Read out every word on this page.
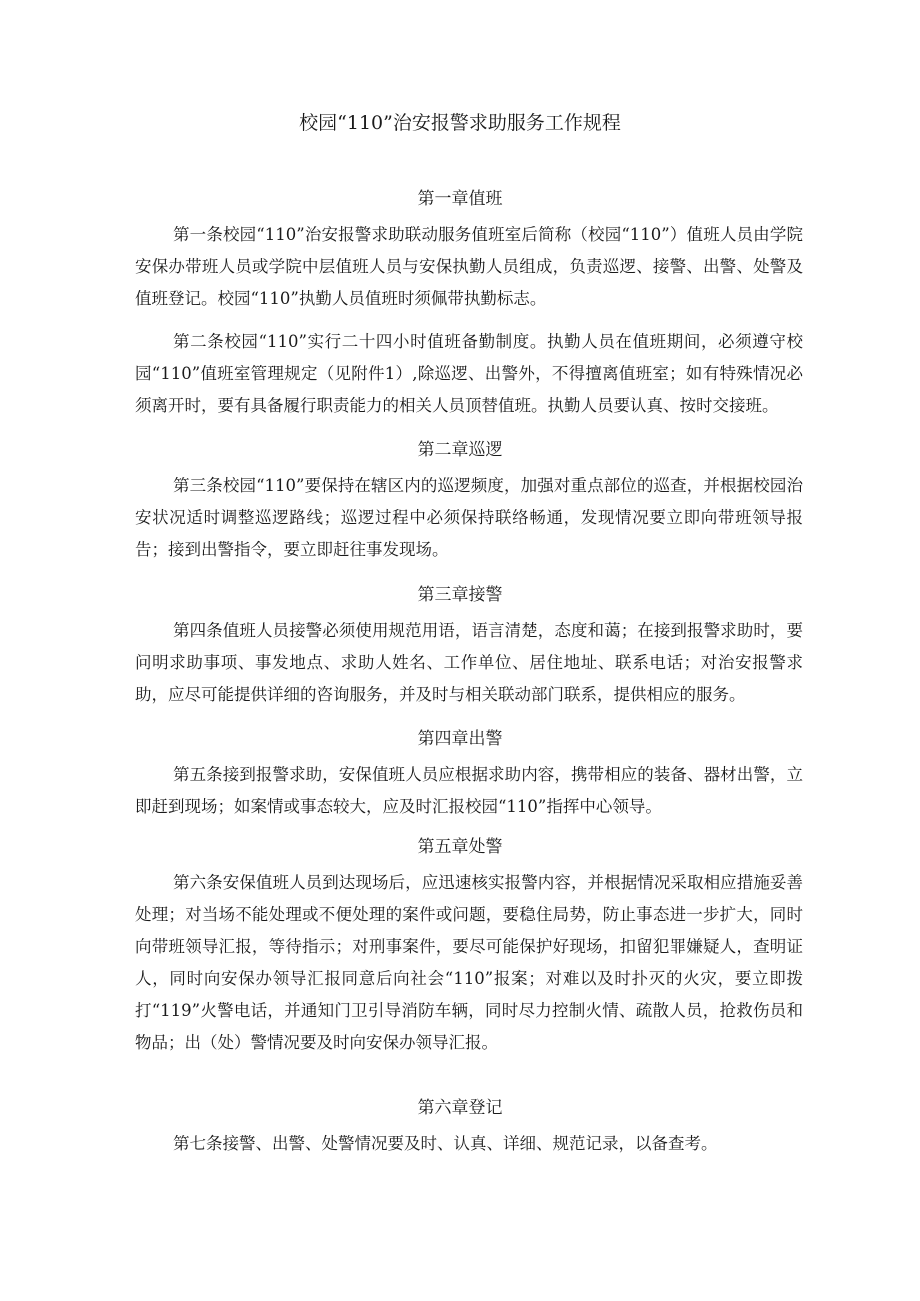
校园“110”治安报警求助服务工作规程
第一章值班

第一条校园“110”治安报警求助联动服务值班室后简称（校园“110”）值班人员由学院安保办带班人员或学院中层值班人员与安保执勤人员组成，负责巡逻、接警、出警、处警及值班登记。校园“110”执勤人员值班时须佩带执勤标志。

第二条校园“110”实行二十四小时值班备勤制度。执勤人员在值班期间，必须遵守校园“110”值班室管理规定（见附件1）,除巡逻、出警外，不得擅离值班室；如有特殊情况必须离开时，要有具备履行职责能力的相关人员顶替值班。执勤人员要认真、按时交接班。

第二章巡逻

第三条校园“110”要保持在辖区内的巡逻频度，加强对重点部位的巡查，并根据校园治安状况适时调整巡逻路线；巡逻过程中必须保持联络畅通，发现情况要立即向带班领导报告；接到出警指令，要立即赶往事发现场。

第三章接警

第四条值班人员接警必须使用规范用语，语言清楚，态度和蔼；在接到报警求助时，要问明求助事项、事发地点、求助人姓名、工作单位、居住地址、联系电话；对治安报警求助，应尽可能提供详细的咨询服务，并及时与相关联动部门联系，提供相应的服务。

第四章出警

第五条接到报警求助，安保值班人员应根据求助内容，携带相应的装备、器材出警，立即赶到现场；如案情或事态较大，应及时汇报校园“110”指挥中心领导。

第五章处警

第六条安保值班人员到达现场后，应迅速核实报警内容，并根据情况采取相应措施妥善处理；对当场不能处理或不便处理的案件或问题，要稳住局势，防止事态进一步扩大，同时向带班领导汇报，等待指示；对刑事案件，要尽可能保护好现场，扣留犯罪嫌疑人，查明证人，同时向安保办领导汇报同意后向社会“110”报案；对难以及时扑灭的火灾，要立即拨打“119”火警电话，并通知门卫引导消防车辆，同时尽力控制火情、疏散人员，抢救伤员和物品；出（处）警情况要及时向安保办领导汇报。

第六章登记

第七条接警、出警、处警情况要及时、认真、详细、规范记录，以备查考。
